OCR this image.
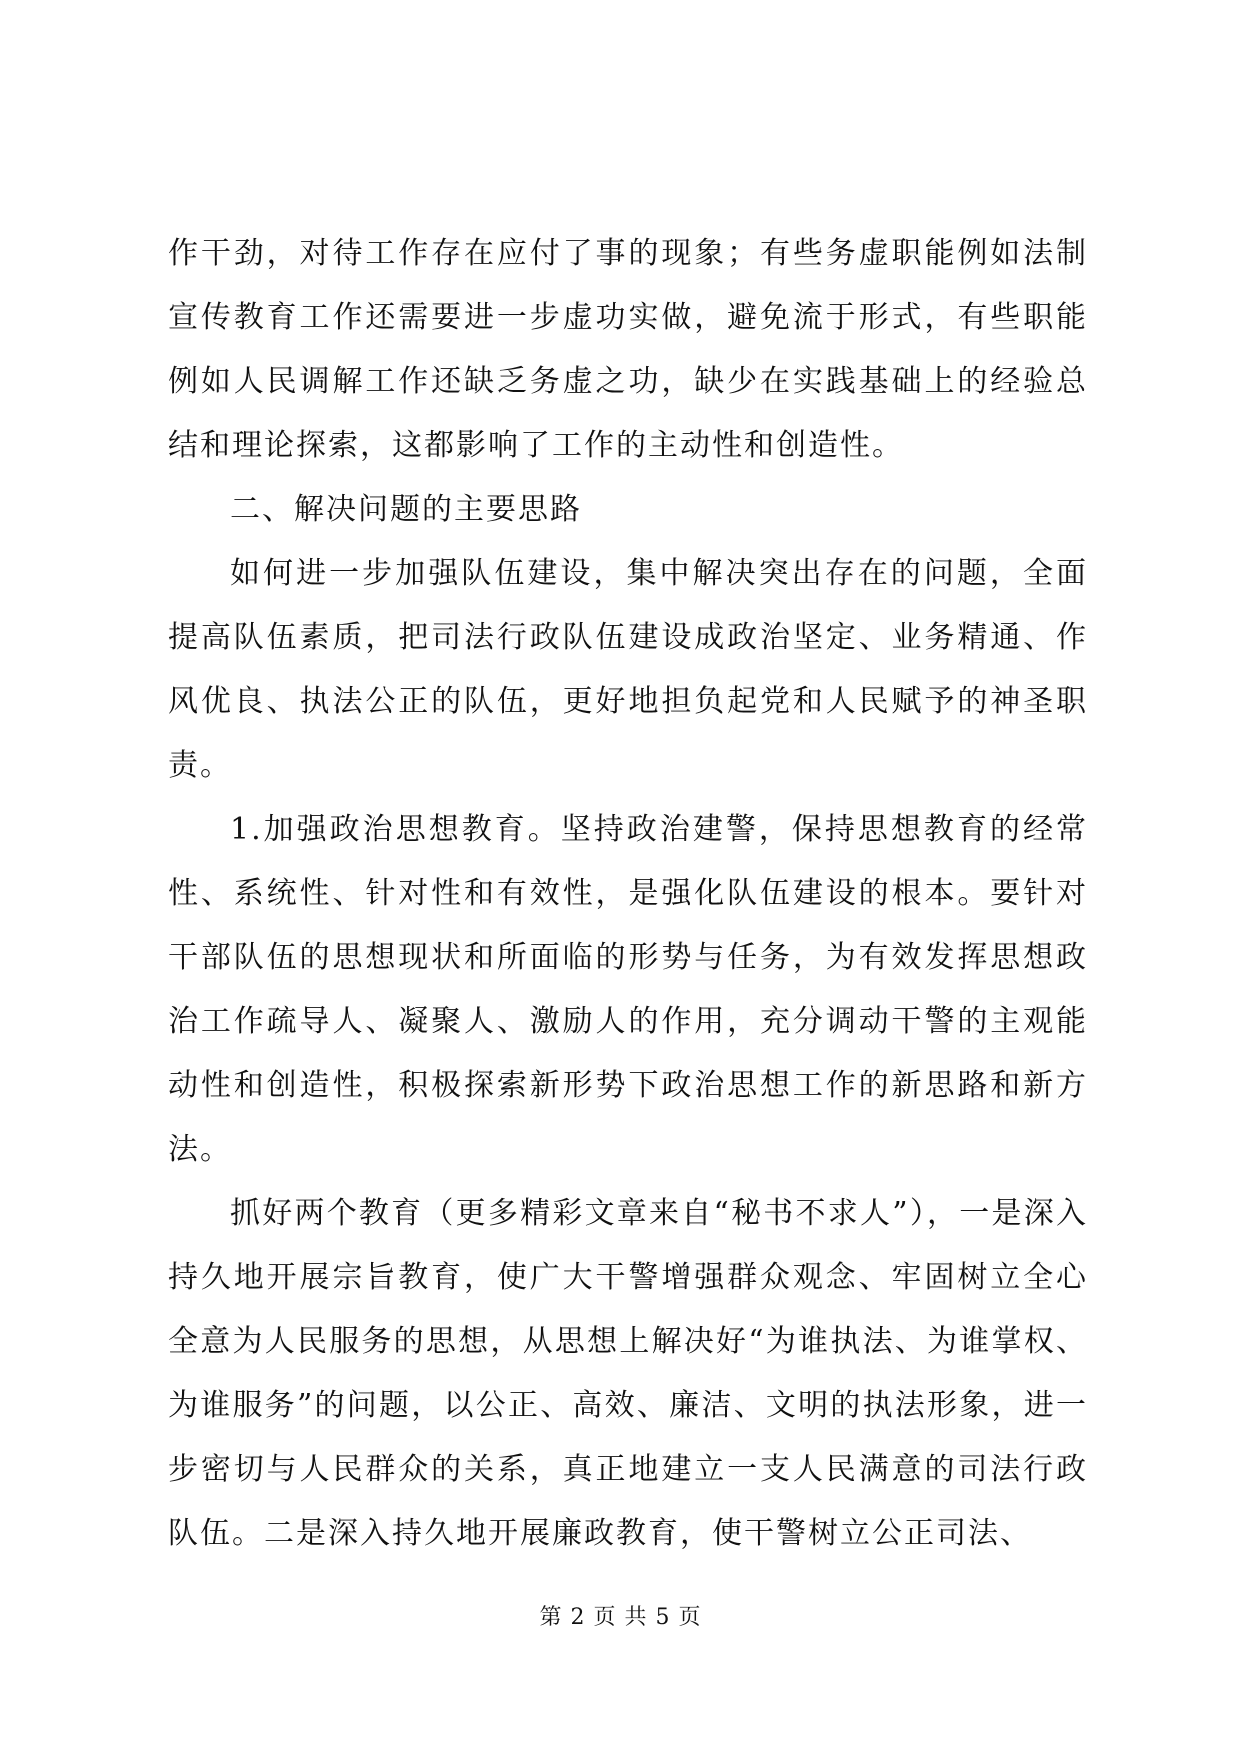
作干劲，对待工作存在应付了事的现象；有些务虚职能例如法制宣传教育工作还需要进一步虚功实做，避免流于形式，有些职能例如人民调解工作还缺乏务虚之功，缺少在实践基础上的经验总结和理论探索，这都影响了工作的主动性和创造性。

二、解决问题的主要思路

如何进一步加强队伍建设，集中解决突出存在的问题，全面提高队伍素质，把司法行政队伍建设成政治坚定、业务精通、作风优良、执法公正的队伍，更好地担负起党和人民赋予的神圣职责。

1.加强政治思想教育。坚持政治建警，保持思想教育的经常性、系统性、针对性和有效性，是强化队伍建设的根本。要针对干部队伍的思想现状和所面临的形势与任务，为有效发挥思想政治工作疏导人、凝聚人、激励人的作用，充分调动干警的主观能动性和创造性，积极探索新形势下政治思想工作的新思路和新方法。

抓好两个教育（更多精彩文章来自“秘书不求人”），一是深入持久地开展宗旨教育，使广大干警增强群众观念、牢固树立全心全意为人民服务的思想，从思想上解决好“为谁执法、为谁掌权、为谁服务”的问题，以公正、高效、廉洁、文明的执法形象，进一步密切与人民群众的关系，真正地建立一支人民满意的司法行政队伍。二是深入持久地开展廉政教育，使干警树立公正司法、

第 2 页 共 5 页
